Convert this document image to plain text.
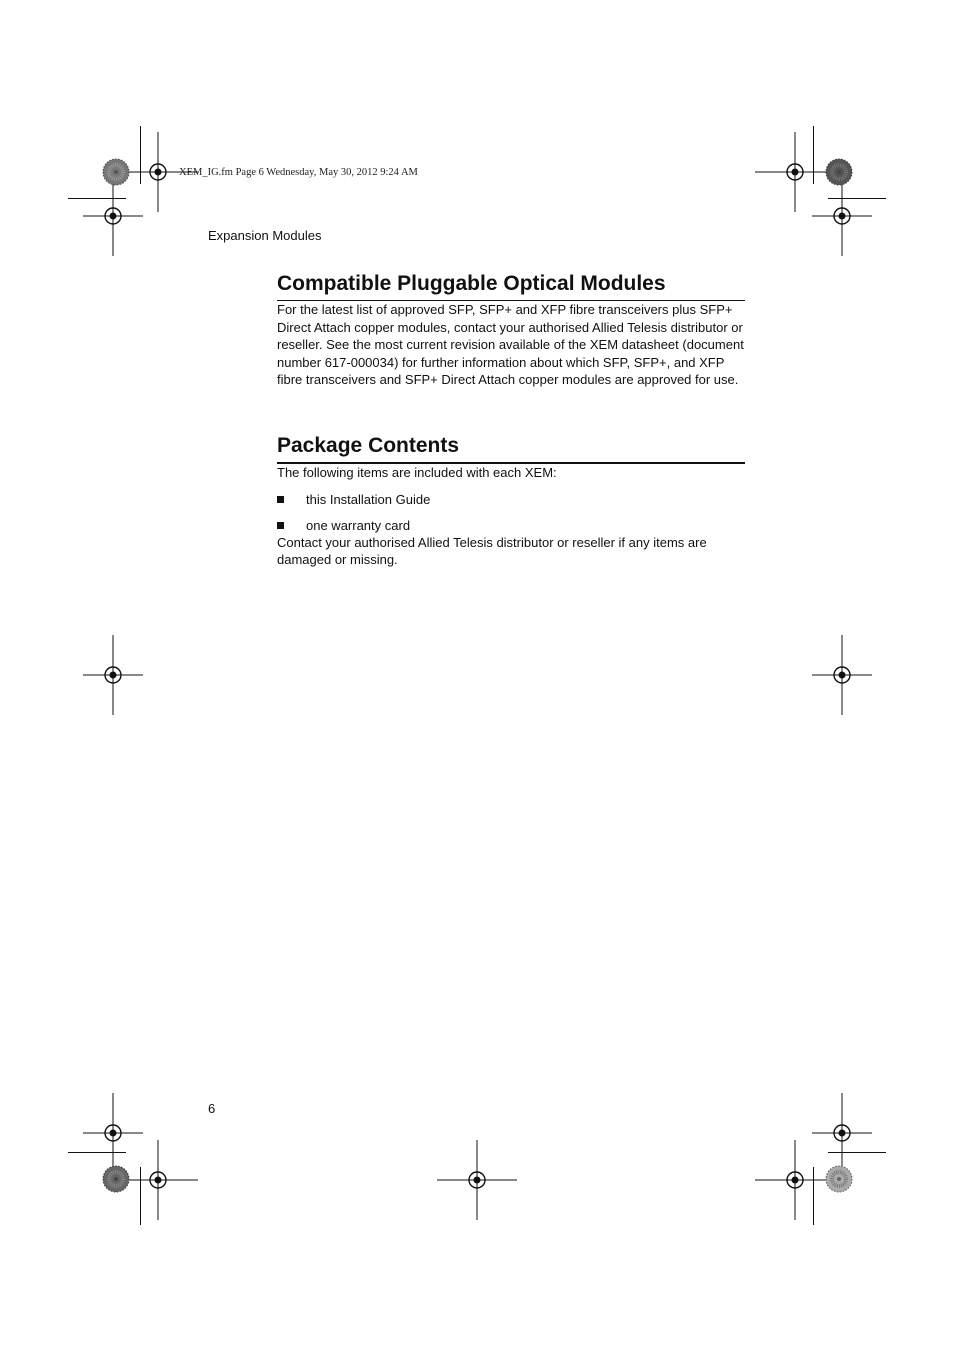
XEM_IG.fm Page 6 Wednesday, May 30, 2012 9:24 AM
Expansion Modules
Compatible Pluggable Optical Modules

For the latest list of approved SFP, SFP+ and XFP fibre transceivers plus SFP+ Direct Attach copper modules, contact your authorised Allied Telesis distributor or reseller. See the most current revision available of the XEM datasheet (document number 617-000034) for further information about which SFP, SFP+, and XFP fibre transceivers and SFP+ Direct Attach copper modules are approved for use.

Package Contents

The following items are included with each XEM:

this Installation Guide
one warranty card

Contact your authorised Allied Telesis distributor or reseller if any items are damaged or missing.

6
